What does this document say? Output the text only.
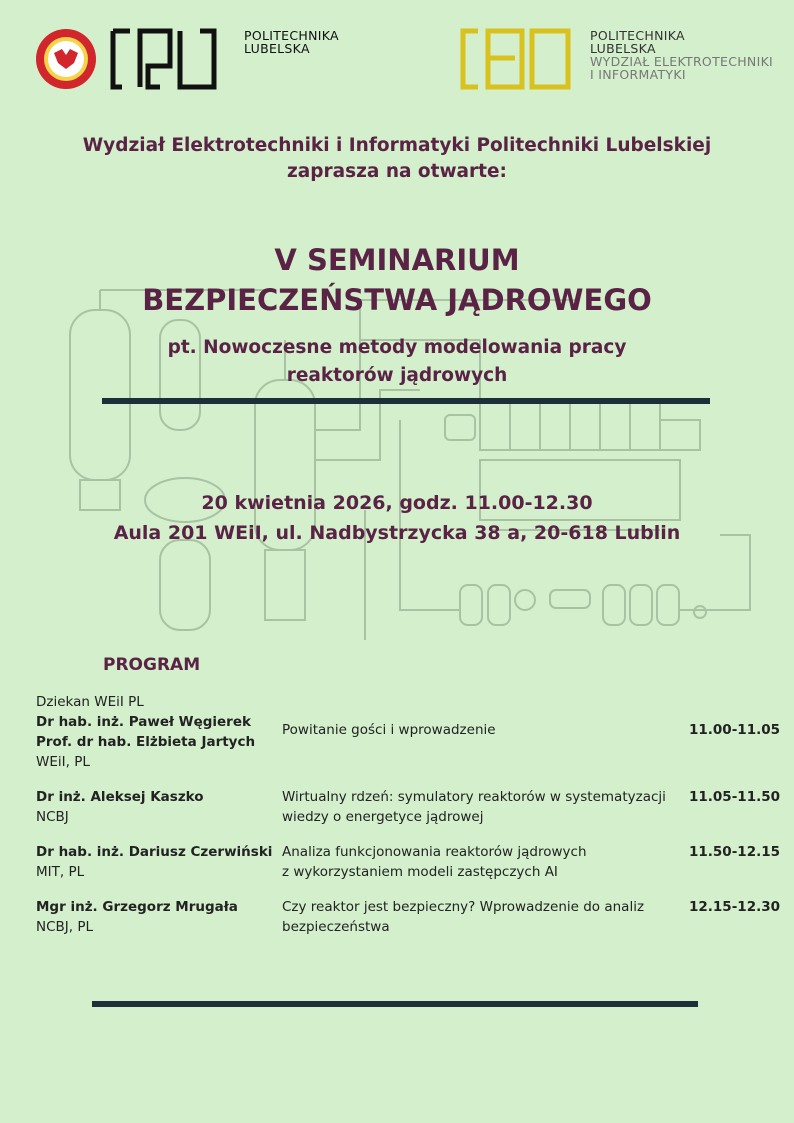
POLITECHNIKA
LUBELSKA
POLITECHNIKA
LUBELSKA
WYDZIAŁ ELEKTROTECHNIKI
I INFORMATYKI
Wydział Elektrotechniki i Informatyki Politechniki Lubelskiej
zaprasza na otwarte:
V SEMINARIUM
BEZPIECZEŃSTWA JĄDROWEGO
pt. Nowoczesne metody modelowania pracy
reaktorów jądrowych
20 kwietnia 2026, godz. 11.00-12.30
Aula 201 WEiI, ul. Nadbystrzycka 38 a, 20-618 Lublin
PROGRAM
Dziekan WEiI PL
Dr hab. inż. Paweł Węgierek
Prof. dr hab. Elżbieta Jartych
WEiI, PL
Powitanie gości i wprowadzenie	11.00-11.05
Dr inż. Aleksej Kaszko
NCBJ
Wirtualny rdzeń: symulatory reaktorów w systematyzacji
wiedzy o energetyce jądrowej
11.05-11.50
Dr hab. inż. Dariusz Czerwiński
MIT, PL
Analiza funkcjonowania reaktorów jądrowych
z wykorzystaniem modeli zastępczych AI
11.50-12.15
Mgr inż. Grzegorz Mrugała
NCBJ, PL
Czy reaktor jest bezpieczny? Wprowadzenie do analiz
bezpieczeństwa
12.15-12.30
